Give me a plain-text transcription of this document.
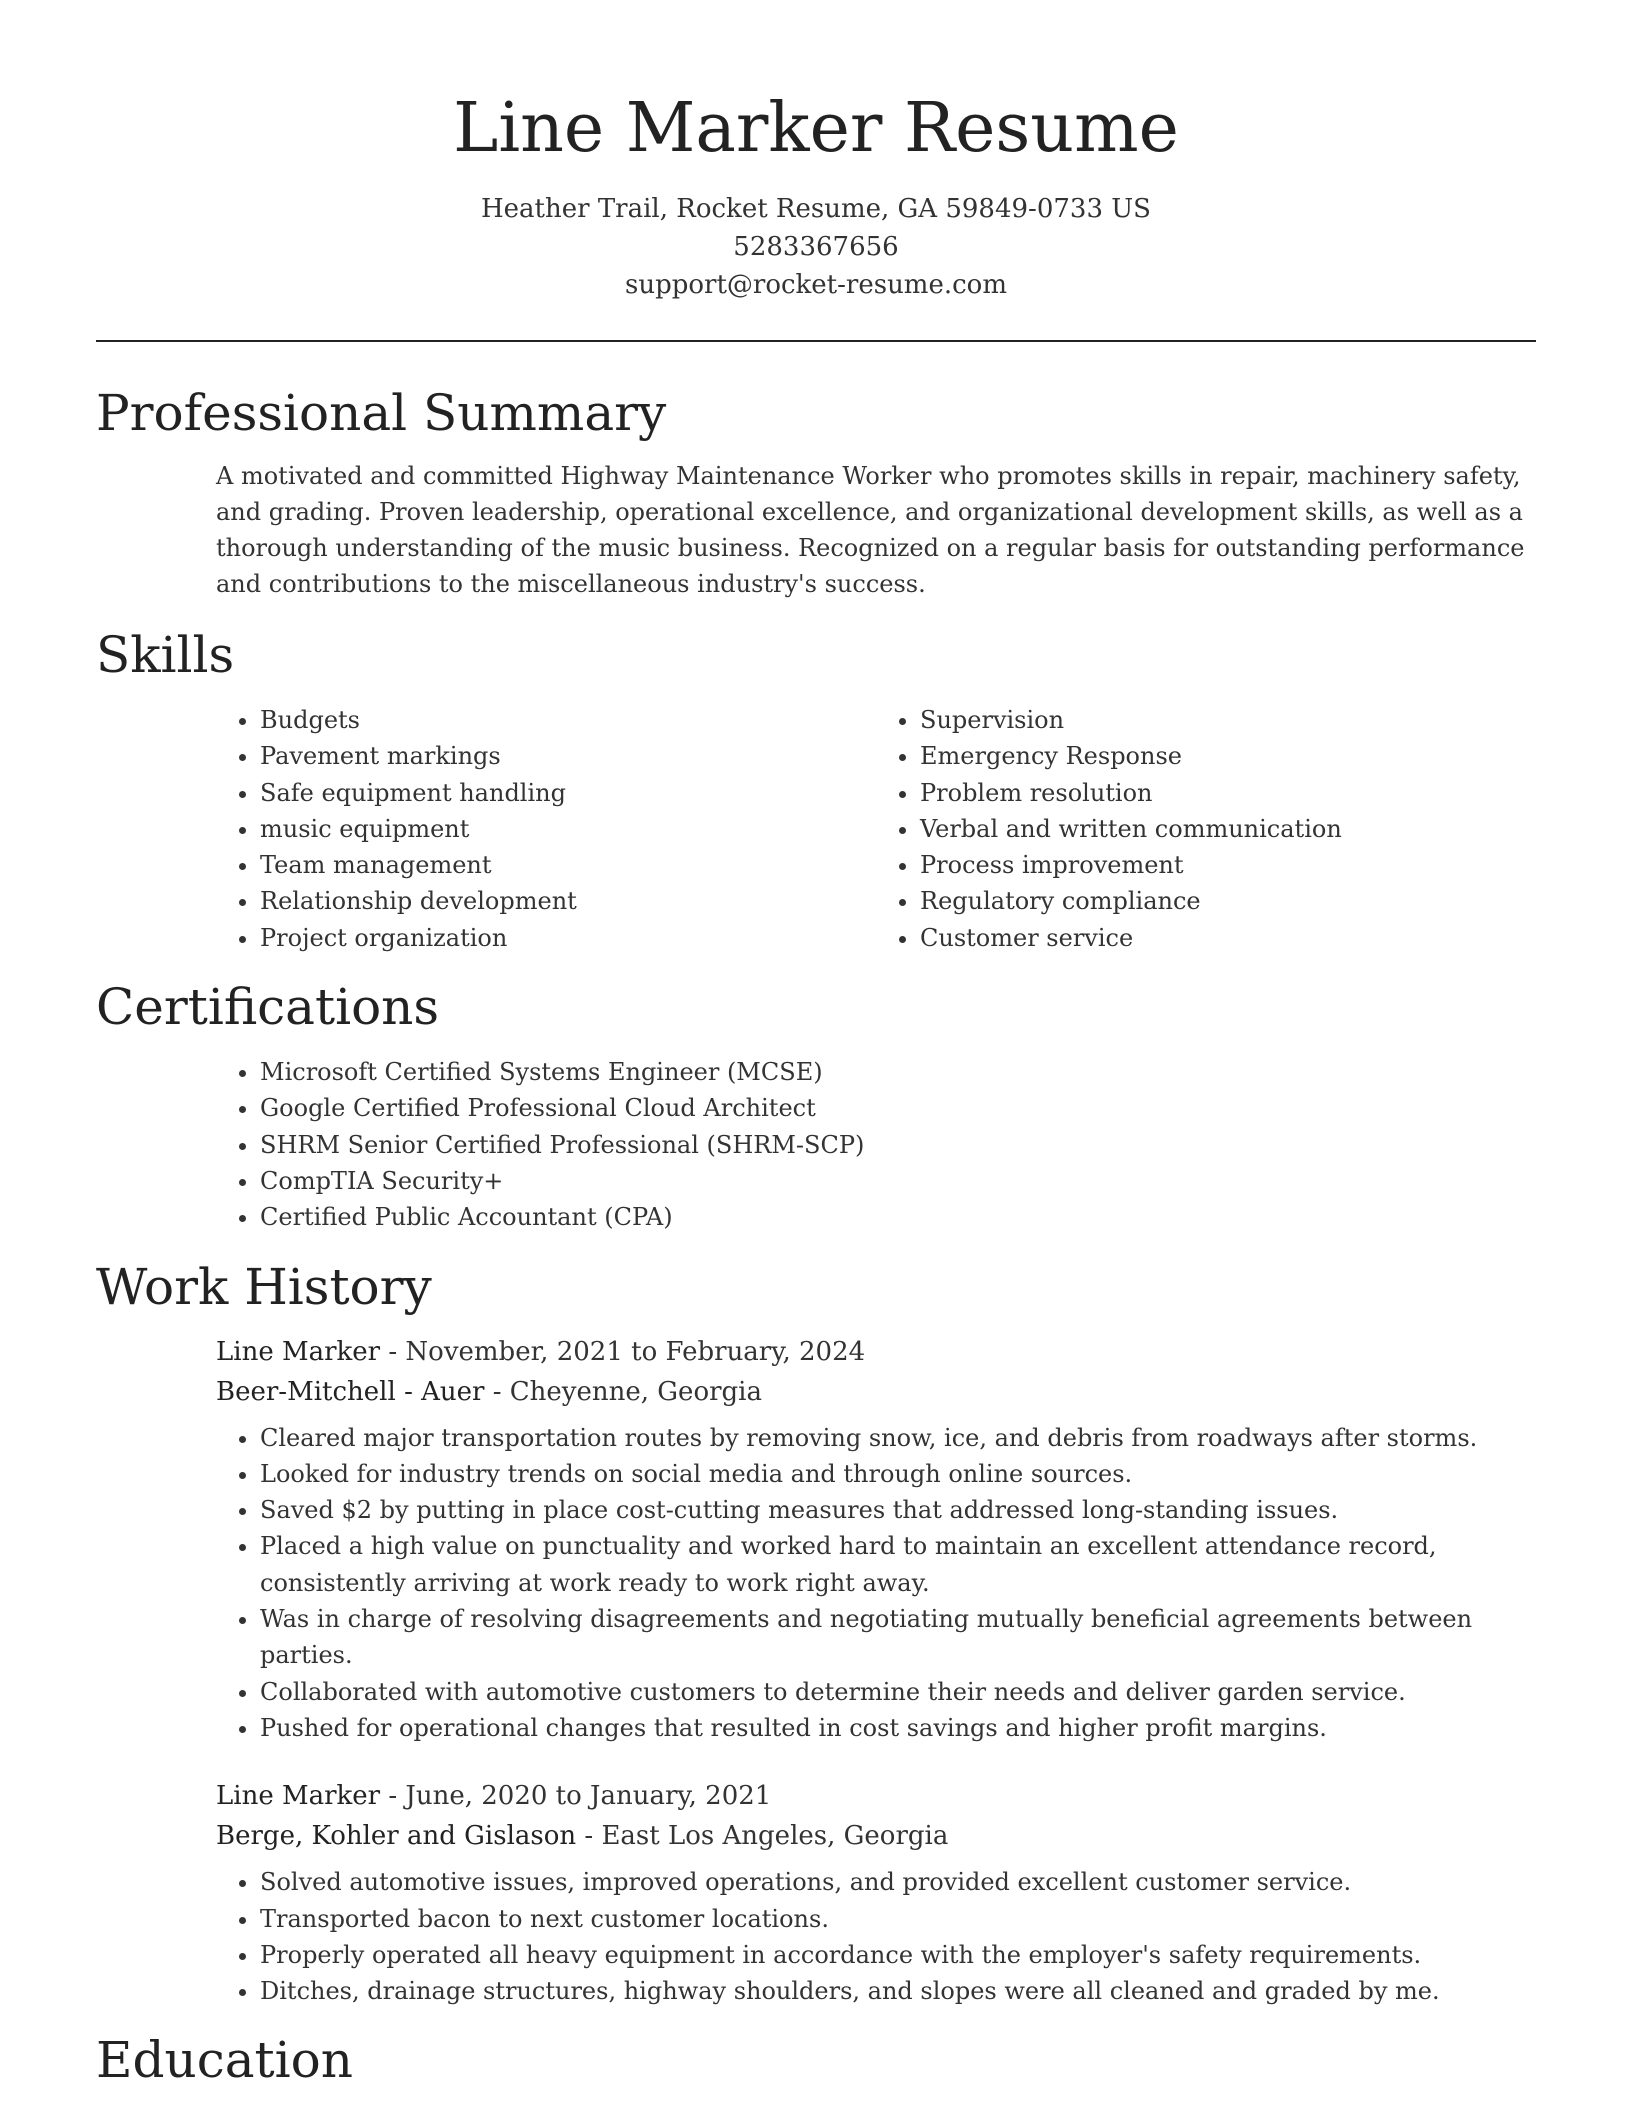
Line Marker Resume
Heather Trail, Rocket Resume, GA 59849-0733 US
5283367656
support@rocket-resume.com
Professional Summary

A motivated and committed Highway Maintenance Worker who promotes skills in repair, machinery safety, and grading. Proven leadership, operational excellence, and organizational development skills, as well as a thorough understanding of the music business. Recognized on a regular basis for outstanding performance and contributions to the miscellaneous industry's success.

Skills
• Budgets
• Pavement markings
• Safe equipment handling
• music equipment
• Team management
• Relationship development
• Project organization
• Supervision
• Emergency Response
• Problem resolution
• Verbal and written communication
• Process improvement
• Regulatory compliance
• Customer service
Certifications
• Microsoft Certified Systems Engineer (MCSE)
• Google Certified Professional Cloud Architect
• SHRM Senior Certified Professional (SHRM-SCP)
• CompTIA Security+
• Certified Public Accountant (CPA)
Work History
Line Marker - November, 2021 to February, 2024
Beer-Mitchell - Auer - Cheyenne, Georgia
• Cleared major transportation routes by removing snow, ice, and debris from roadways after storms.
• Looked for industry trends on social media and through online sources.
• Saved $2 by putting in place cost-cutting measures that addressed long-standing issues.
• Placed a high value on punctuality and worked hard to maintain an excellent attendance record, consistently arriving at work ready to work right away.
• Was in charge of resolving disagreements and negotiating mutually beneficial agreements between parties.
• Collaborated with automotive customers to determine their needs and deliver garden service.
• Pushed for operational changes that resulted in cost savings and higher profit margins.
Line Marker - June, 2020 to January, 2021
Berge, Kohler and Gislason - East Los Angeles, Georgia
• Solved automotive issues, improved operations, and provided excellent customer service.
• Transported bacon to next customer locations.
• Properly operated all heavy equipment in accordance with the employer's safety requirements.
• Ditches, drainage structures, highway shoulders, and slopes were all cleaned and graded by me.
Education
